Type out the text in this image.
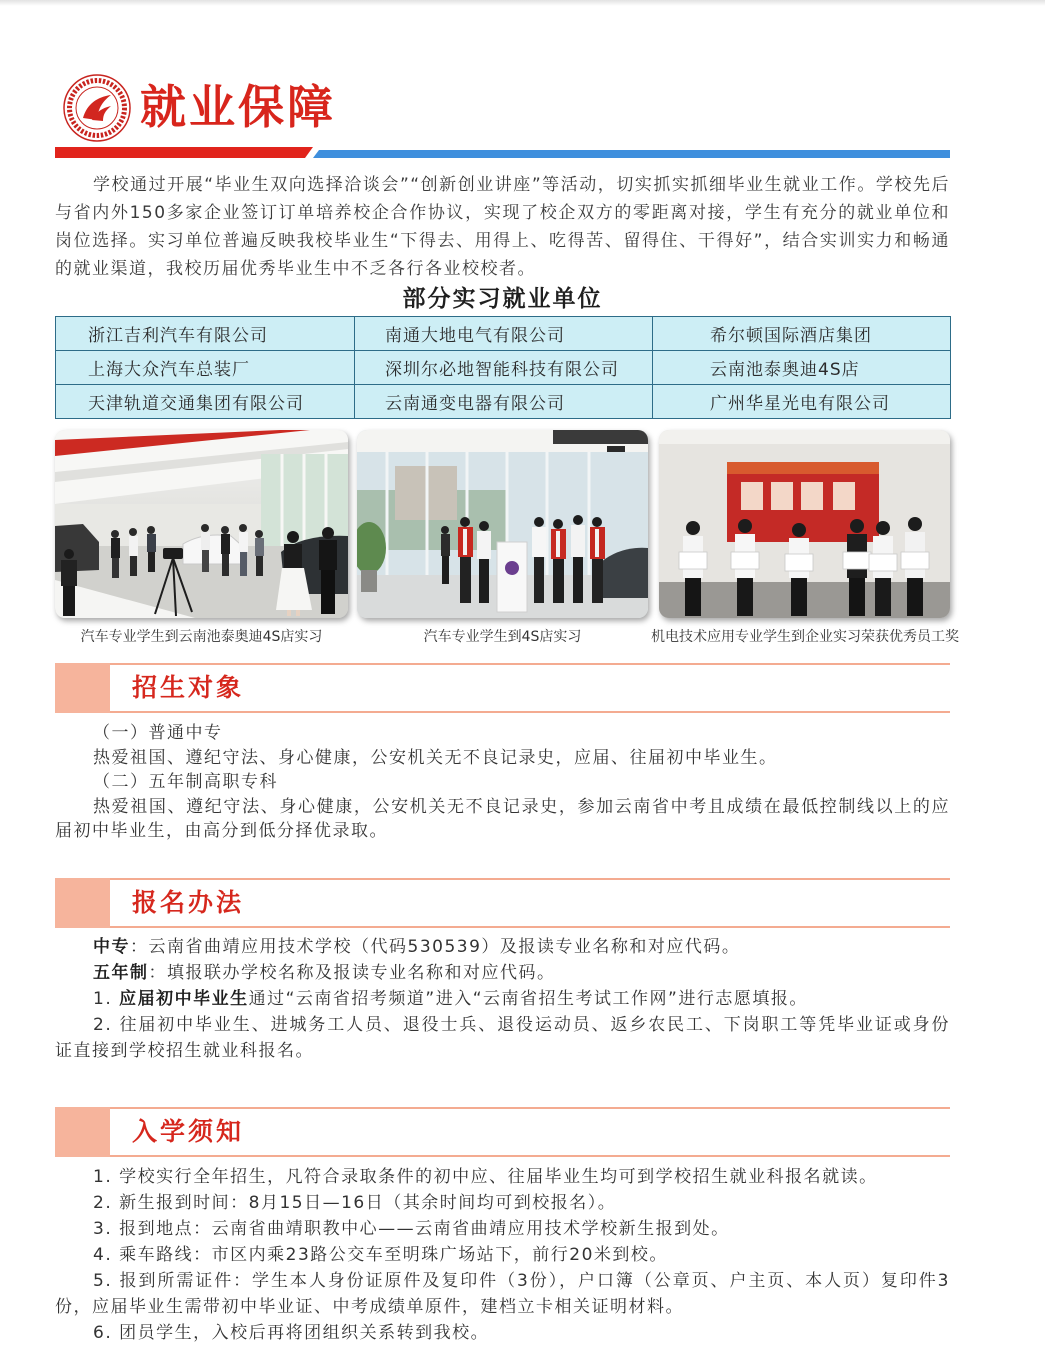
就业保障

学校通过开展“毕业生双向选择洽谈会”“创新创业讲座”等活动，切实抓实抓细毕业生就业工作。学校先后与省内外150多家企业签订订单培养校企合作协议，实现了校企双方的零距离对接，学生有充分的就业单位和岗位选择。实习单位普遍反映我校毕业生“下得去、用得上、吃得苦、留得住、干得好”，结合实训实力和畅通的就业渠道，我校历届优秀毕业生中不乏各行各业校校者。

部分实习就业单位
浙江吉利汽车有限公司	南通大地电气有限公司	希尔顿国际酒店集团
上海大众汽车总装厂	深圳尔必地智能科技有限公司	云南池泰奥迪4S店
天津轨道交通集团有限公司	云南通变电器有限公司	广州华星光电有限公司
汽车专业学生到云南池泰奥迪4S店实习	汽车专业学生到4S店实习	机电技术应用专业学生到企业实习荣获优秀员工奖
招生对象

（一）普通中专

热爱祖国、遵纪守法、身心健康，公安机关无不良记录史，应届、往届初中毕业生。

（二）五年制高职专科

热爱祖国、遵纪守法、身心健康，公安机关无不良记录史，参加云南省中考且成绩在最低控制线以上的应届初中毕业生，由高分到低分择优录取。

报名办法

中专：云南省曲靖应用技术学校（代码530539）及报读专业名称和对应代码。

五年制：填报联办学校名称及报读专业名称和对应代码。

1. 应届初中毕业生通过“云南省招考频道”进入“云南省招生考试工作网”进行志愿填报。

2. 往届初中毕业生、进城务工人员、退役士兵、退役运动员、返乡农民工、下岗职工等凭毕业证或身份证直接到学校招生就业科报名。

入学须知

1. 学校实行全年招生，凡符合录取条件的初中应、往届毕业生均可到学校招生就业科报名就读。

2. 新生报到时间：8月15日—16日（其余时间均可到校报名）。

3. 报到地点：云南省曲靖职教中心——云南省曲靖应用技术学校新生报到处。

4. 乘车路线：市区内乘23路公交车至明珠广场站下，前行20米到校。

5. 报到所需证件：学生本人身份证原件及复印件（3份），户口簿（公章页、户主页、本人页）复印件3份，应届毕业生需带初中毕业证、中考成绩单原件，建档立卡相关证明材料。

6. 团员学生，入校后再将团组织关系转到我校。
